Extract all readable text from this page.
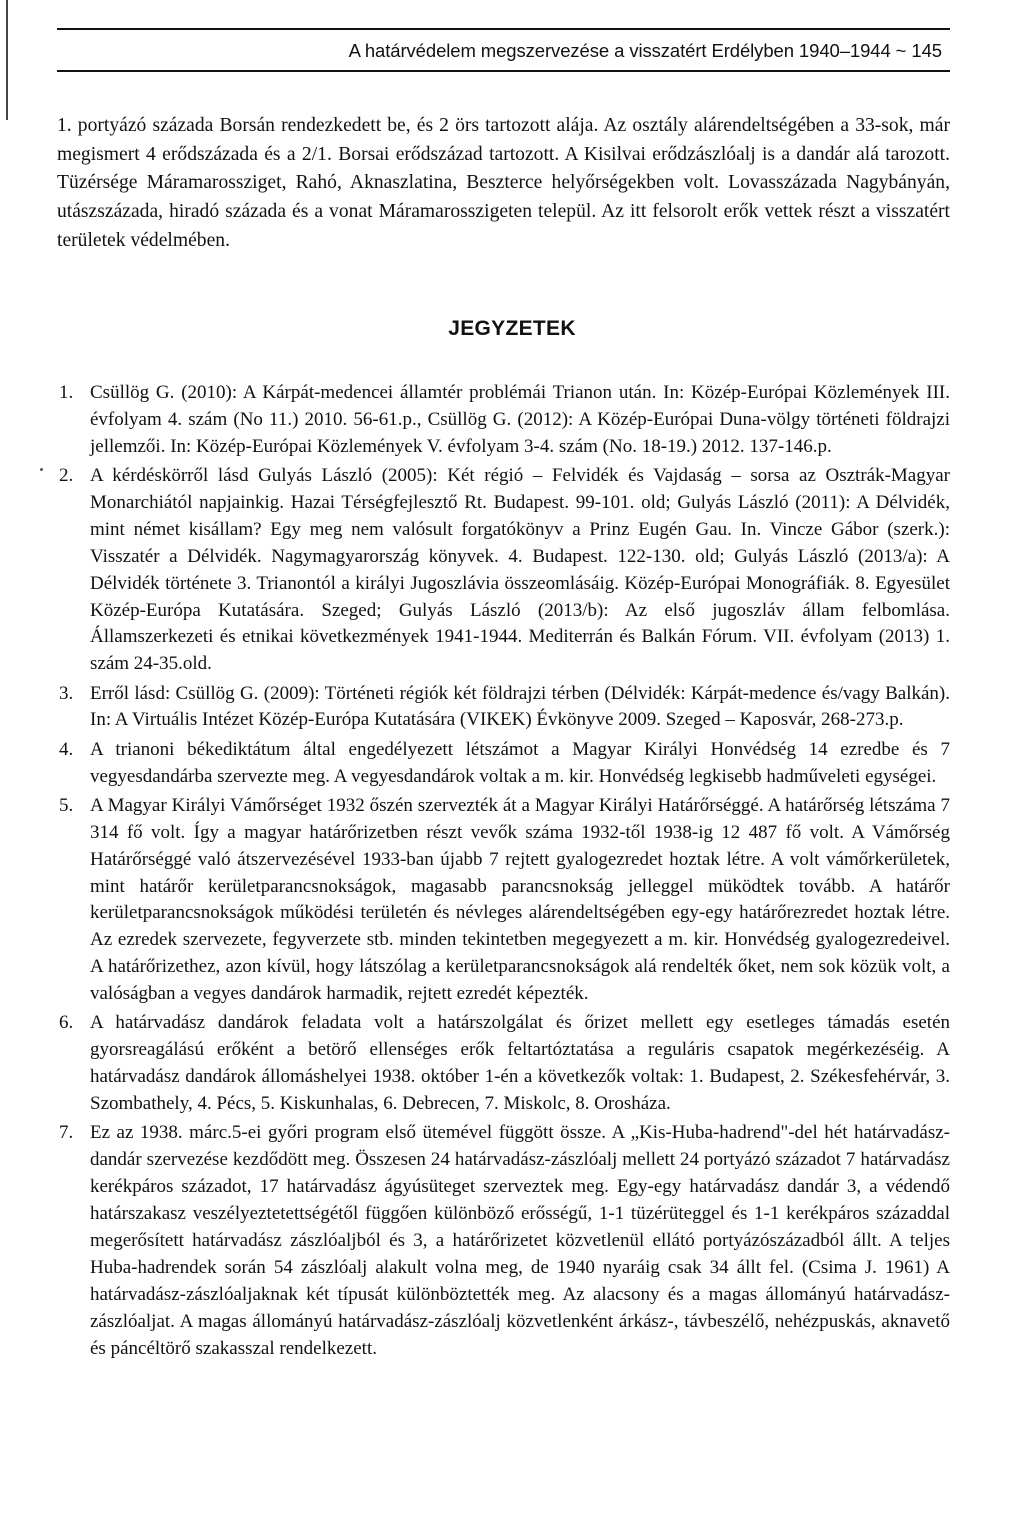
A határvédelem megszervezése a visszatért Erdélyben 1940–1944 ~ 145

1. portyázó százada Borsán rendezkedett be, és 2 örs tartozott alája. Az osztály alárendeltségében a 33-sok, már megismert 4 erődszázada és a 2/1. Borsai erődszázad tartozott. A Kisilvai erődzászlóalj is a dandár alá tarozott. Tüzérsége Máramarossziget, Rahó, Aknaszlatina, Beszterce helyőrségekben volt. Lovasszázada Nagybányán, utászszázada, hiradó százada és a vonat Máramarosszigeten települ. Az itt felsorolt erők vettek részt a visszatért területek védelmében.

JEGYZETEK
1. Csüllög G. (2010): A Kárpát-medencei államtér problémái Trianon után. In: Közép-Európai Közlemények III. évfolyam 4. szám (No 11.) 2010. 56-61.p., Csüllög G. (2012): A Közép-Európai Duna-völgy történeti földrajzi jellemzői. In: Közép-Európai Közlemények V. évfolyam 3-4. szám (No. 18-19.) 2012. 137-146.p.
2. A kérdéskörről lásd Gulyás László (2005): Két régió – Felvidék és Vajdaság – sorsa az Osztrák-Magyar Monarchiától napjainkig. Hazai Térségfejlesztő Rt. Budapest. 99-101. old; Gulyás László (2011): A Délvidék, mint német kisállam? Egy meg nem valósult forgatókönyv a Prinz Eugén Gau. In. Vincze Gábor (szerk.): Visszatér a Délvidék. Nagymagyarország könyvek. 4. Budapest. 122-130. old; Gulyás László (2013/a): A Délvidék története 3. Trianontól a királyi Jugoszlávia összeomlásáig. Közép-Európai Monográfiák. 8. Egyesület Közép-Európa Kutatására. Szeged; Gulyás László (2013/b): Az első jugoszláv állam felbomlása. Államszerkezeti és etnikai következmények 1941-1944. Mediterrán és Balkán Fórum. VII. évfolyam (2013) 1. szám 24-35.old.
3. Erről lásd: Csüllög G. (2009): Történeti régiók két földrajzi térben (Délvidék: Kárpát-medence és/vagy Balkán). In: A Virtuális Intézet Közép-Európa Kutatására (VIKEK) Évkönyve 2009. Szeged – Kaposvár, 268-273.p.
4. A trianoni békediktátum által engedélyezett létszámot a Magyar Királyi Honvédség 14 ezredbe és 7 vegyesdandárba szervezte meg. A vegyesdandárok voltak a m. kir. Honvédség legkisebb hadműveleti egységei.
5. A Magyar Királyi Vámőrséget 1932 őszén szervezték át a Magyar Királyi Határőrséggé. A határőrség létszáma 7 314 fő volt. Így a magyar határőrizetben részt vevők száma 1932-től 1938-ig 12 487 fő volt. A Vámőrség Határőrséggé való átszervezésével 1933-ban újabb 7 rejtett gyalogezredet hoztak létre. A volt vámőrkerületek, mint határőr kerületparancsnokságok, magasabb parancsnokság jelleggel müködtek tovább. A határőr kerületparancsnokságok működési területén és névleges alárendeltségében egy-egy határőrezredet hoztak létre. Az ezredek szervezete, fegyverzete stb. minden tekintetben megegyezett a m. kir. Honvédség gyalogezredeivel. A határőrizethez, azon kívül, hogy látszólag a kerületparancsnokságok alá rendelték őket, nem sok közük volt, a valóságban a vegyes dandárok harmadik, rejtett ezredét képezték.
6. A határvadász dandárok feladata volt a határszolgálat és őrizet mellett egy esetleges támadás esetén gyorsreagálású erőként a betörő ellenséges erők feltartóztatása a reguláris csapatok megérkezéséig. A határvadász dandárok állomáshelyei 1938. október 1-én a következők voltak: 1. Budapest, 2. Székesfehérvár, 3. Szombathely, 4. Pécs, 5. Kiskunhalas, 6. Debrecen, 7. Miskolc, 8. Orosháza.
7. Ez az 1938. márc.5-ei győri program első ütemével függött össze. A „Kis-Huba-hadrend"-del hét határvadász-dandár szervezése kezdődött meg. Összesen 24 határvadász-zászlóalj mellett 24 portyázó századot 7 határvadász kerékpáros századot, 17 határvadász ágyúsüteget szerveztek meg. Egy-egy határvadász dandár 3, a védendő határszakasz veszélyeztetettségétől függően különböző erősségű, 1-1 tüzérüteggel és 1-1 kerékpáros századdal megerősített határvadász zászlóaljból és 3, a határőrizetet közvetlenül ellátó portyázószázadból állt. A teljes Huba-hadrendek során 54 zászlóalj alakult volna meg, de 1940 nyaráig csak 34 állt fel. (Csima J. 1961) A határvadász-zászlóaljaknak két típusát különböztették meg. Az alacsony és a magas állományú határvadász-zászlóaljat. A magas állományú határvadász-zászlóalj közvetlenként árkász-, távbeszélő, nehézpuskás, aknavető és páncéltörő szakasszal rendelkezett.
